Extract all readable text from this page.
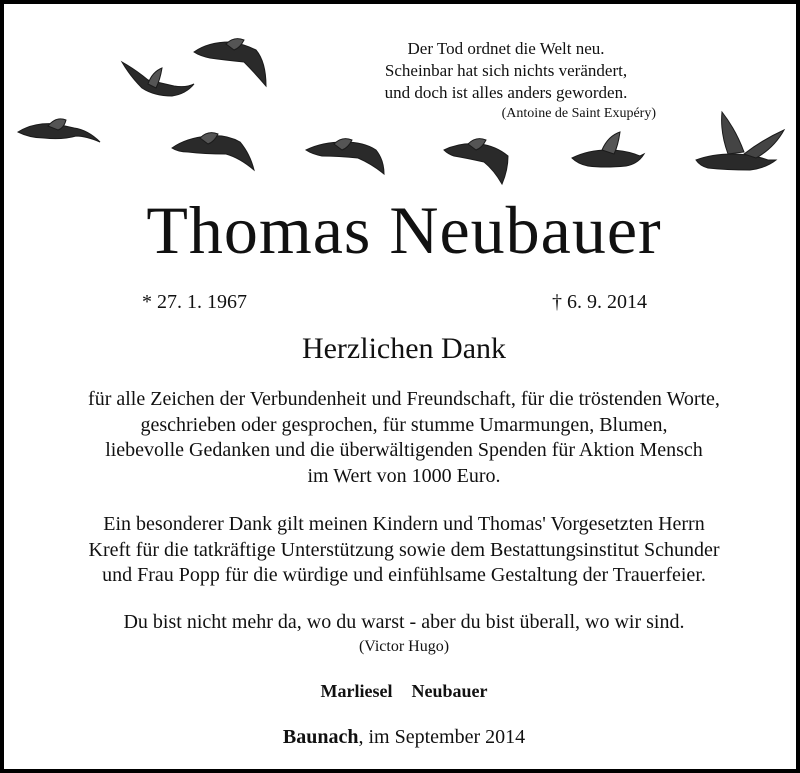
Der Tod ordnet die Welt neu.
Scheinbar hat sich nichts verändert,
und doch ist alles anders geworden.
(Antoine de Saint Exupéry)
Thomas Neubauer
* 27. 1. 1967	† 6. 9. 2014
Herzlichen Dank
für alle Zeichen der Verbundenheit und Freundschaft, für die tröstenden Worte,
geschrieben oder gesprochen, für stumme Umarmungen, Blumen,
liebevolle Gedanken und die überwältigenden Spenden für Aktion Mensch
im Wert von 1000 Euro.
Ein besonderer Dank gilt meinen Kindern und Thomas' Vorgesetzten Herrn
Kreft für die tatkräftige Unterstützung sowie dem Bestattungsinstitut Schunder
und Frau Popp für die würdige und einfühlsame Gestaltung der Trauerfeier.
Du bist nicht mehr da, wo du warst - aber du bist überall, wo wir sind.
(Victor Hugo)
Marliesel  Neubauer
Baunach, im September 2014
